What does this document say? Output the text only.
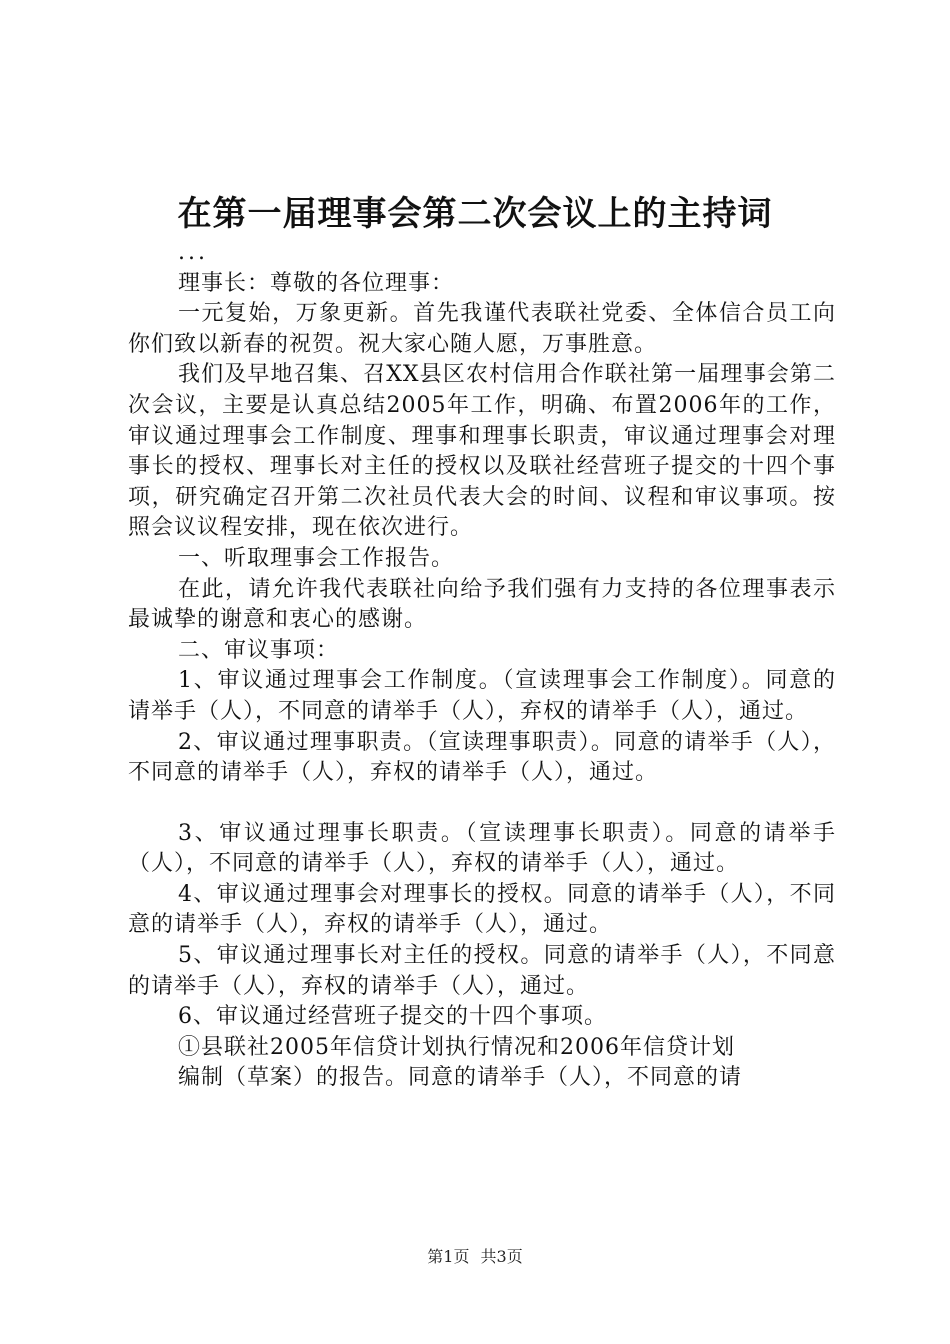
在第一届理事会第二次会议上的主持词

...

理事长：尊敬的各位理事：

一元复始，万象更新。首先我谨代表联社党委、全体信合员工向你们致以新春的祝贺。祝大家心随人愿，万事胜意。

我们及早地召集、召XX县区农村信用合作联社第一届理事会第二次会议，主要是认真总结2005年工作，明确、布置2006年的工作，审议通过理事会工作制度、理事和理事长职责，审议通过理事会对理事长的授权、理事长对主任的授权以及联社经营班子提交的十四个事项，研究确定召开第二次社员代表大会的时间、议程和审议事项。按照会议议程安排，现在依次进行。

一、听取理事会工作报告。

在此，请允许我代表联社向给予我们强有力支持的各位理事表示最诚挚的谢意和衷心的感谢。

二、审议事项：

1、审议通过理事会工作制度。（宣读理事会工作制度）。同意的请举手（人），不同意的请举手（人），弃权的请举手（人），通过。

2、审议通过理事职责。（宣读理事职责）。同意的请举手（人），不同意的请举手（人），弃权的请举手（人），通过。

3、审议通过理事长职责。（宣读理事长职责）。同意的请举手（人），不同意的请举手（人），弃权的请举手（人），通过。

4、审议通过理事会对理事长的授权。同意的请举手（人），不同意的请举手（人），弃权的请举手（人），通过。

5、审议通过理事长对主任的授权。同意的请举手（人），不同意的请举手（人），弃权的请举手（人），通过。

6、审议通过经营班子提交的十四个事项。

①县联社2005年信贷计划执行情况和2006年信贷计划

编制（草案）的报告。同意的请举手（人），不同意的请

第1页 共3页
